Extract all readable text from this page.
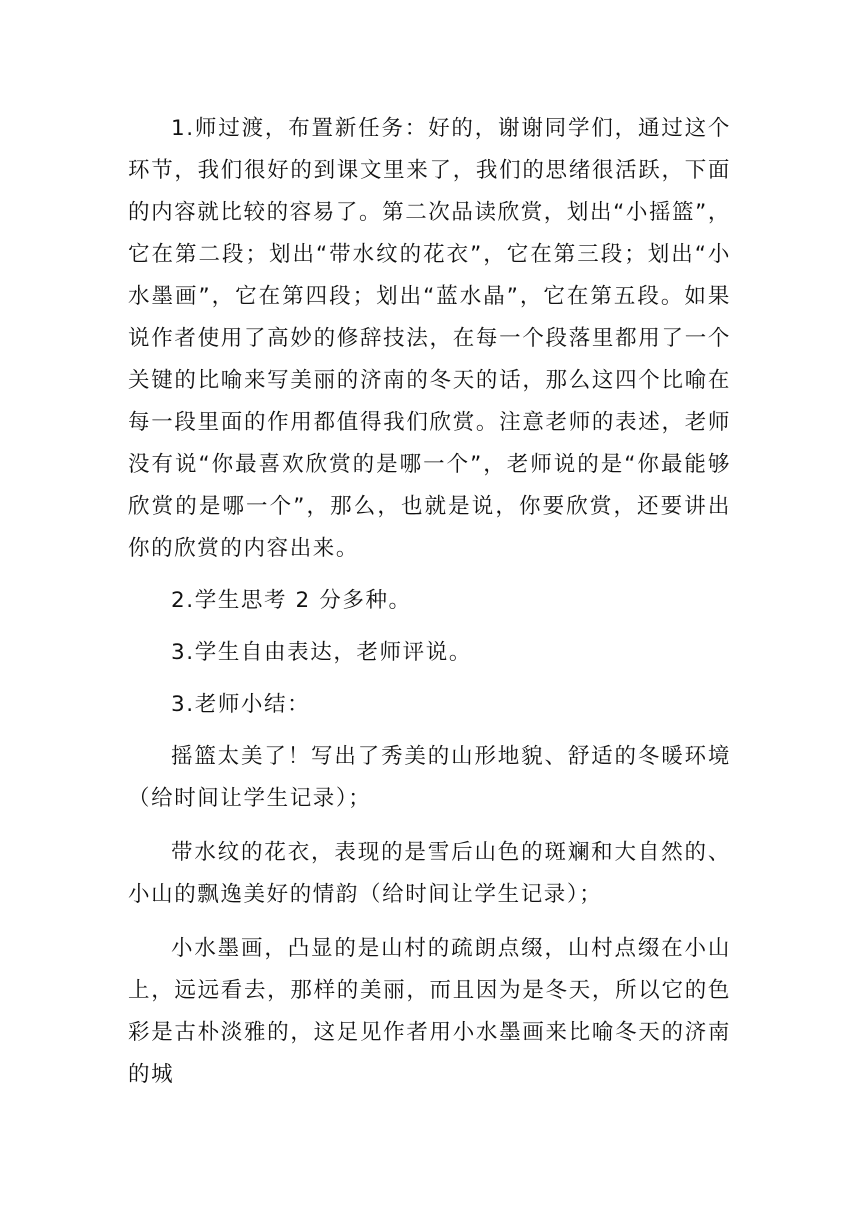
1.师过渡，布置新任务：好的，谢谢同学们，通过这个环节，我们很好的到课文里来了，我们的思绪很活跃，下面的内容就比较的容易了。第二次品读欣赏，划出“小摇篮”，它在第二段；划出“带水纹的花衣”，它在第三段；划出“小水墨画”，它在第四段；划出“蓝水晶”，它在第五段。如果说作者使用了高妙的修辞技法，在每一个段落里都用了一个关键的比喻来写美丽的济南的冬天的话，那么这四个比喻在每一段里面的作用都值得我们欣赏。注意老师的表述，老师没有说“你最喜欢欣赏的是哪一个”，老师说的是“你最能够欣赏的是哪一个”，那么，也就是说，你要欣赏，还要讲出你的欣赏的内容出来。

2.学生思考 2 分多种。

3.学生自由表达，老师评说。

3.老师小结：

摇篮太美了！写出了秀美的山形地貌、舒适的冬暖环境（给时间让学生记录）；

带水纹的花衣，表现的是雪后山色的斑斓和大自然的、小山的飘逸美好的情韵（给时间让学生记录）；

小水墨画，凸显的是山村的疏朗点缀，山村点缀在小山上，远远看去，那样的美丽，而且因为是冬天，所以它的色彩是古朴淡雅的，这足见作者用小水墨画来比喻冬天的济南的城
